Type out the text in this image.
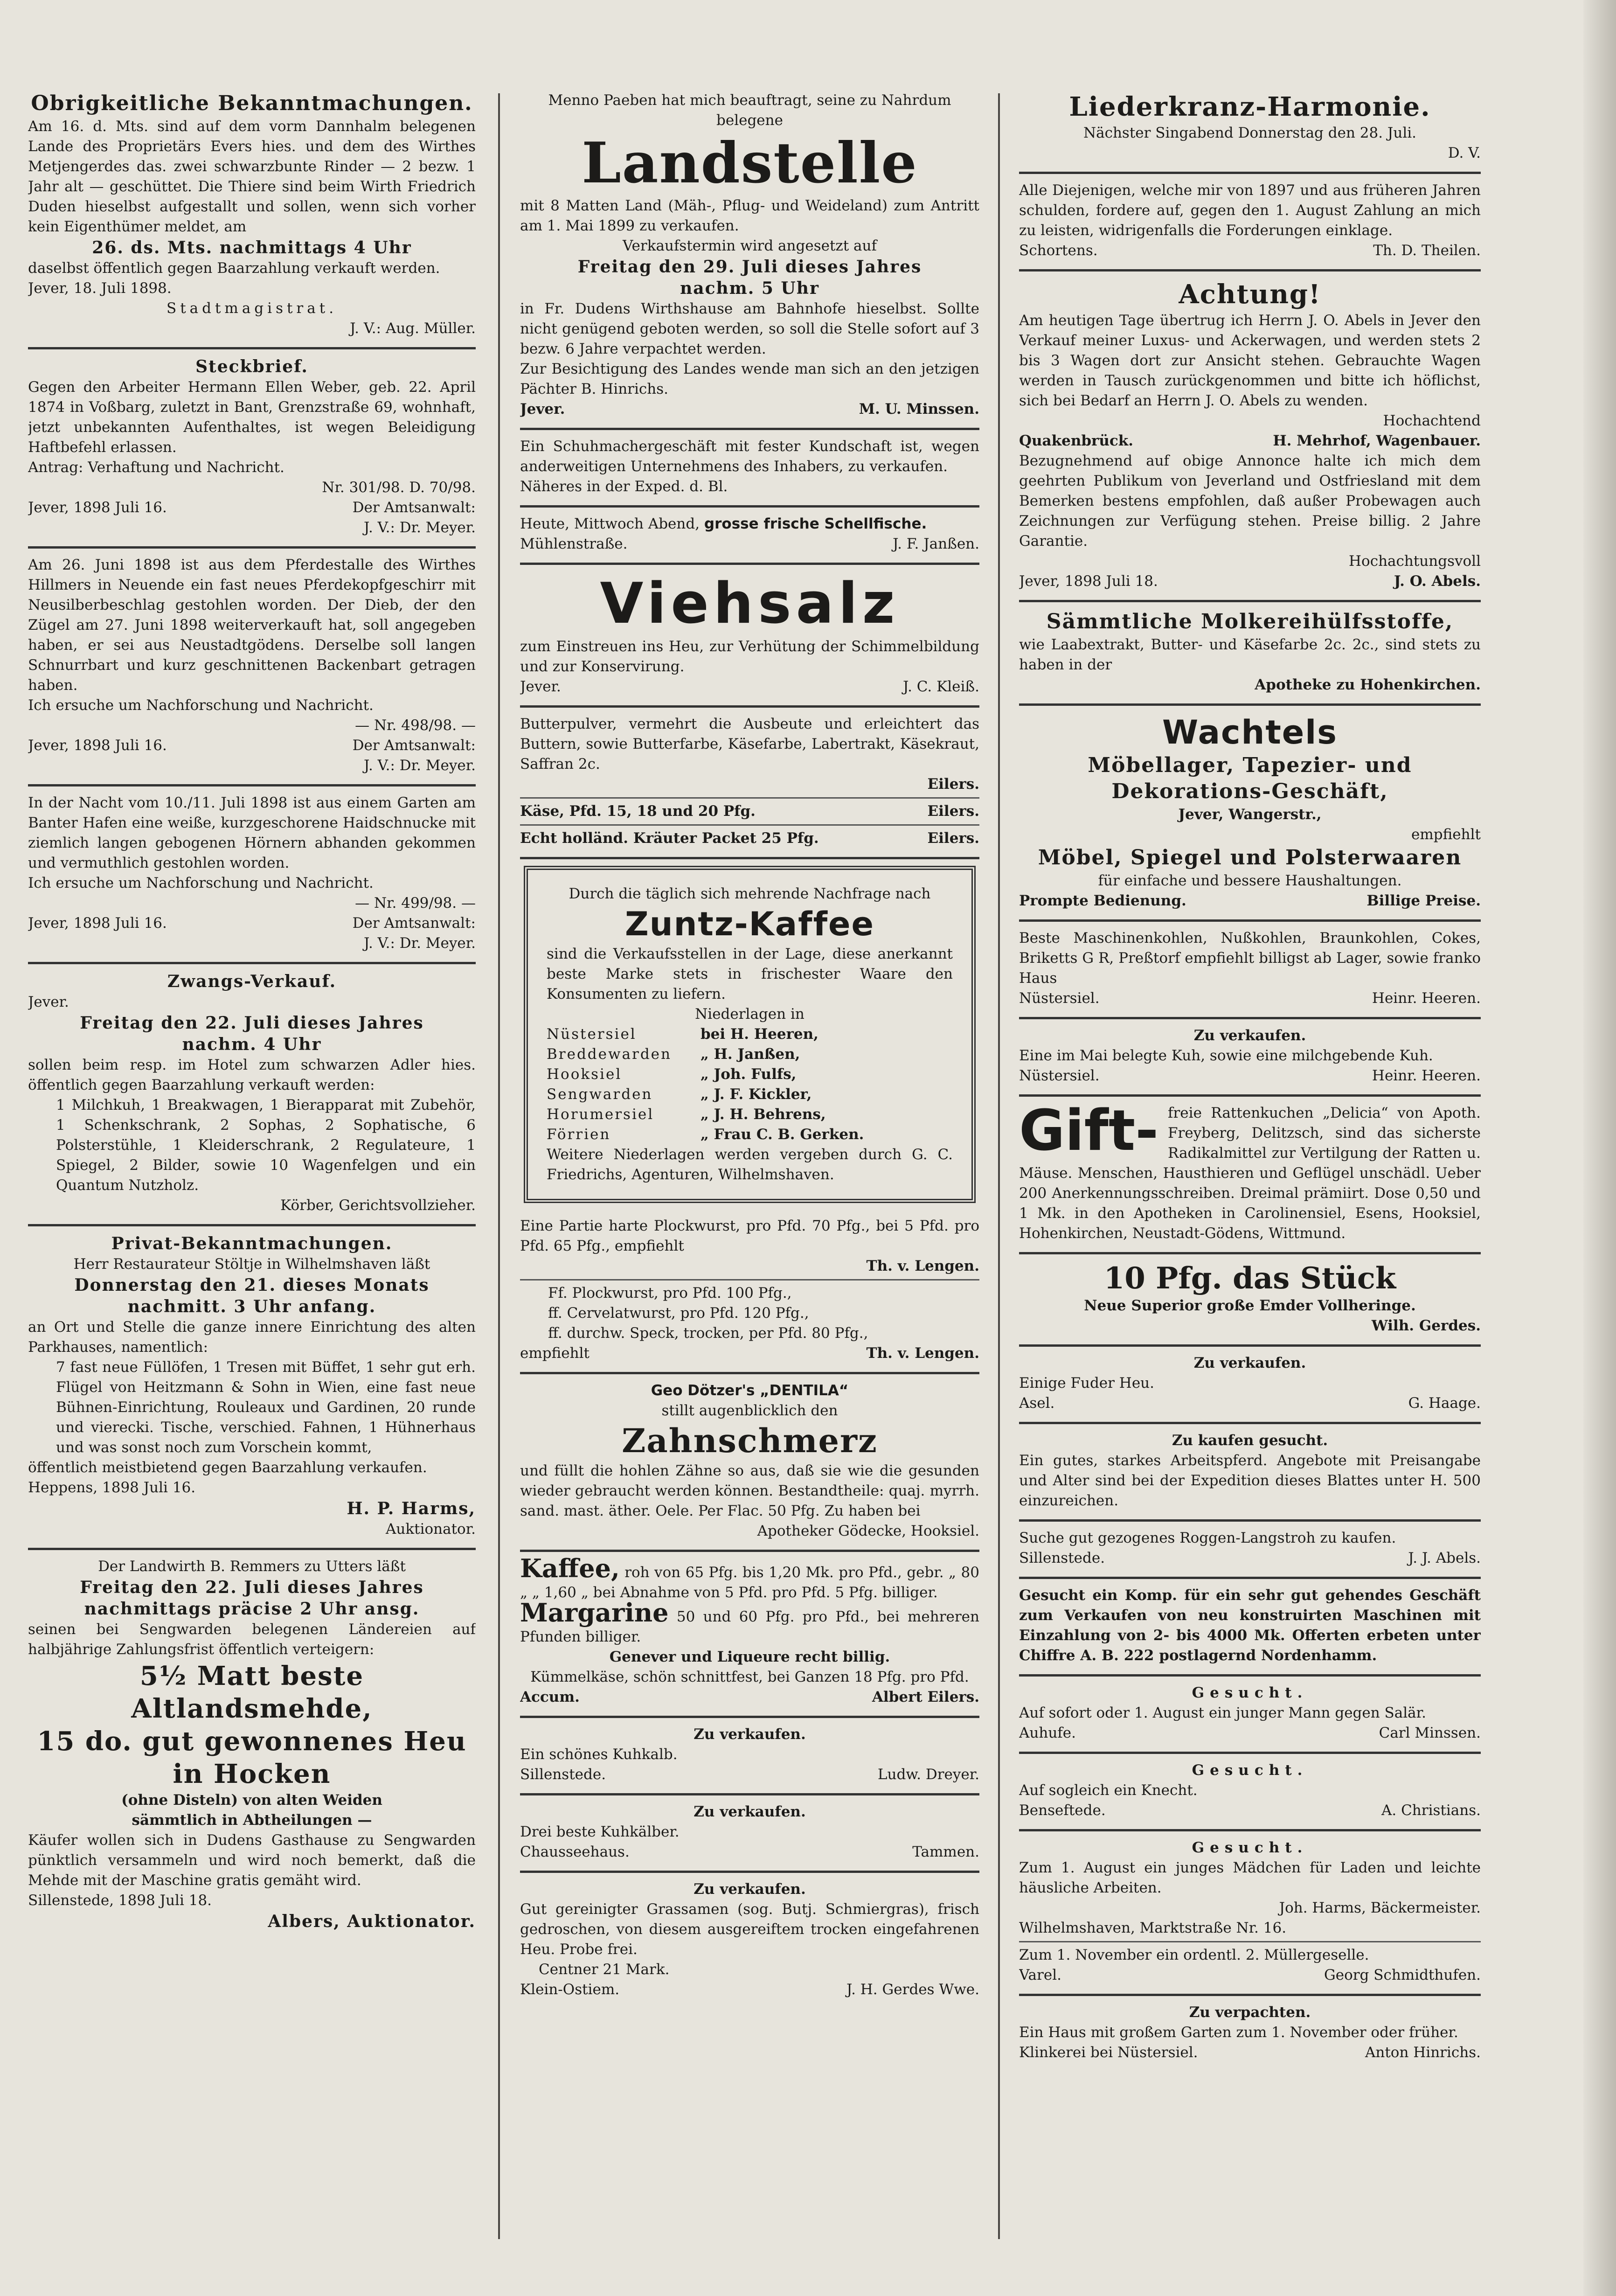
Obrigkeitliche Bekanntmachungen.

Am 16. d. Mts. sind auf dem vorm Dannhalm belegenen Lande des Proprietärs Evers hies. und dem des Wirthes Metjengerdes das. zwei schwarzbunte Rinder — 2 bezw. 1 Jahr alt — geschüttet. Die Thiere sind beim Wirth Friedrich Duden hieselbst aufgestallt und sollen, wenn sich vorher kein Eigenthümer meldet, am

26. ds. Mts. nachmittags 4 Uhr

daselbst öffentlich gegen Baarzahlung verkauft werden.

Jever, 18. Juli 1898.

Stadtmagistrat.

J. V.: Aug. Müller.

Steckbrief.

Gegen den Arbeiter Hermann Ellen Weber, geb. 22. April 1874 in Voßbarg, zuletzt in Bant, Grenzstraße 69, wohnhaft, jetzt unbekannten Aufenthaltes, ist wegen Beleidigung Haftbefehl erlassen.

Antrag: Verhaftung und Nachricht.

Nr. 301/98. D. 70/98.

Jever, 1898 Juli 16.	Der Amtsanwalt:

J. V.: Dr. Meyer.

Am 26. Juni 1898 ist aus dem Pferdestalle des Wirthes Hillmers in Neuende ein fast neues Pferdekopfgeschirr mit Neusilberbeschlag gestohlen worden. Der Dieb, der den Zügel am 27. Juni 1898 weiterverkauft hat, soll angegeben haben, er sei aus Neustadtgödens. Derselbe soll langen Schnurrbart und kurz geschnittenen Backenbart getragen haben.

Ich ersuche um Nachforschung und Nachricht.

— Nr. 498/98. —

Jever, 1898 Juli 16.	Der Amtsanwalt:

J. V.: Dr. Meyer.

In der Nacht vom 10./11. Juli 1898 ist aus einem Garten am Banter Hafen eine weiße, kurzgeschorene Haidschnucke mit ziemlich langen gebogenen Hörnern abhanden gekommen und vermuthlich gestohlen worden.

Ich ersuche um Nachforschung und Nachricht.

— Nr. 499/98. —

Jever, 1898 Juli 16.	Der Amtsanwalt:

J. V.: Dr. Meyer.

Zwangs-Verkauf.

Jever.

Freitag den 22. Juli dieses Jahres
nachm. 4 Uhr

sollen beim resp. im Hotel zum schwarzen Adler hies. öffentlich gegen Baarzahlung verkauft werden:

1 Milchkuh, 1 Breakwagen, 1 Bierapparat mit Zubehör, 1 Schenkschrank, 2 Sophas, 2 Sophatische, 6 Polsterstühle, 1 Kleiderschrank, 2 Regulateure, 1 Spiegel, 2 Bilder, sowie 10 Wagenfelgen und ein Quantum Nutzholz.

Körber, Gerichtsvollzieher.

Privat-Bekanntmachungen.

Herr Restaurateur Stöltje in Wilhelmshaven läßt

Donnerstag den 21. dieses Monats
nachmitt. 3 Uhr anfang.

an Ort und Stelle die ganze innere Einrichtung des alten Parkhauses, namentlich:

7 fast neue Füllöfen, 1 Tresen mit Büffet, 1 sehr gut erh. Flügel von Heitzmann & Sohn in Wien, eine fast neue Bühnen-Einrichtung, Rouleaux und Gardinen, 20 runde und vierecki. Tische, verschied. Fahnen, 1 Hühnerhaus und was sonst noch zum Vorschein kommt,

öffentlich meistbietend gegen Baarzahlung verkaufen.

Heppens, 1898 Juli 16.

H. P. Harms,

Auktionator.

Der Landwirth B. Remmers zu Utters läßt

Freitag den 22. Juli dieses Jahres
nachmittags präcise 2 Uhr ansg.

seinen bei Sengwarden belegenen Ländereien auf halbjährige Zahlungsfrist öffentlich verteigern:

5½ Matt beste Altlandsmehde,
15 do. gut gewonnenes Heu in Hocken

(ohne Disteln) von alten Weiden

sämmtlich in Abtheilungen —

Käufer wollen sich in Dudens Gasthause zu Sengwarden pünktlich versammeln und wird noch bemerkt, daß die Mehde mit der Maschine gratis gemäht wird.

Sillenstede, 1898 Juli 18.

Albers, Auktionator.

Menno Paeben hat mich beauftragt, seine zu Nahrdum belegene

Landstelle

mit 8 Matten Land (Mäh-, Pflug- und Weideland) zum Antritt am 1. Mai 1899 zu verkaufen.

Verkaufstermin wird angesetzt auf

Freitag den 29. Juli dieses Jahres
nachm. 5 Uhr

in Fr. Dudens Wirthshause am Bahnhofe hieselbst. Sollte nicht genügend geboten werden, so soll die Stelle sofort auf 3 bezw. 6 Jahre verpachtet werden.

Zur Besichtigung des Landes wende man sich an den jetzigen Pächter B. Hinrichs.

Jever.	M. U. Minssen.

Ein Schuhmachergeschäft mit fester Kundschaft ist, wegen anderweitigen Unternehmens des Inhabers, zu verkaufen.

Näheres in der Exped. d. Bl.

Heute, Mittwoch Abend, grosse frische Schellfische.

Mühlenstraße.	J. F. Janßen.
Viehsalz

zum Einstreuen ins Heu, zur Verhütung der Schimmelbildung und zur Konservirung.

Jever.	J. C. Kleiß.

Butterpulver, vermehrt die Ausbeute und erleichtert das Buttern, sowie Butterfarbe, Käsefarbe, Labertrakt, Käsekraut, Saffran 2c.

Eilers.

Käse, Pfd. 15, 18 und 20 Pfg.	Eilers.
Echt holländ. Kräuter Packet 25 Pfg.	Eilers.

Durch die täglich sich mehrende Nachfrage nach

Zuntz-Kaffee

sind die Verkaufsstellen in der Lage, diese anerkannt beste Marke stets in frischester Waare den Konsumenten zu liefern.

Niederlagen in

Nüstersiel	bei H. Heeren,
Breddewarden	„ H. Janßen,
Hooksiel	„ Joh. Fulfs,
Sengwarden	„ J. F. Kickler,
Horumersiel	„ J. H. Behrens,
Förrien	„ Frau C. B. Gerken.

Weitere Niederlagen werden vergeben durch G. C. Friedrichs, Agenturen, Wilhelmshaven.

Eine Partie harte Plockwurst, pro Pfd. 70 Pfg., bei 5 Pfd. pro Pfd. 65 Pfg., empfiehlt

Th. v. Lengen.

Ff. Plockwurst, pro Pfd. 100 Pfg.,

ff. Cervelatwurst, pro Pfd. 120 Pfg.,

ff. durchw. Speck, trocken, per Pfd. 80 Pfg.,

empfiehlt	Th. v. Lengen.

Geo Dötzer's „DENTILA“

stillt augenblicklich den

Zahnschmerz

und füllt die hohlen Zähne so aus, daß sie wie die gesunden wieder gebraucht werden können. Bestandtheile: quaj. myrrh. sand. mast. äther. Oele. Per Flac. 50 Pfg. Zu haben bei

Apotheker Gödecke, Hooksiel.

Kaffee, roh von 65 Pfg. bis 1,20 Mk. pro Pfd., gebr. „ 80 „ „ 1,60 „ bei Abnahme von 5 Pfd. pro Pfd. 5 Pfg. billiger.

Margarine 50 und 60 Pfg. pro Pfd., bei mehreren Pfunden billiger.

Genever und Liqueure recht billig.

Kümmelkäse, schön schnittfest, bei Ganzen 18 Pfg. pro Pfd.

Accum.	Albert Eilers.
Zu verkaufen.

Ein schönes Kuhkalb.

Sillenstede.	Ludw. Dreyer.
Zu verkaufen.

Drei beste Kuhkälber.

Chausseehaus.	Tammen.
Zu verkaufen.

Gut gereinigter Grassamen (sog. Butj. Schmiergras), frisch gedroschen, von diesem ausgereiftem trocken eingefahrenen Heu. Probe frei.

Centner 21 Mark.

Klein-Ostiem.	J. H. Gerdes Wwe.
Liederkranz-Harmonie.

Nächster Singabend Donnerstag den 28. Juli.

D. V.

Alle Diejenigen, welche mir von 1897 und aus früheren Jahren schulden, fordere auf, gegen den 1. August Zahlung an mich zu leisten, widrigenfalls die Forderungen einklage.

Schortens.	Th. D. Theilen.
Achtung!

Am heutigen Tage übertrug ich Herrn J. O. Abels in Jever den Verkauf meiner Luxus- und Ackerwagen, und werden stets 2 bis 3 Wagen dort zur Ansicht stehen. Gebrauchte Wagen werden in Tausch zurückgenommen und bitte ich höflichst, sich bei Bedarf an Herrn J. O. Abels zu wenden.

Hochachtend

Quakenbrück.	H. Mehrhof, Wagenbauer.

Bezugnehmend auf obige Annonce halte ich mich dem geehrten Publikum von Jeverland und Ostfriesland mit dem Bemerken bestens empfohlen, daß außer Probewagen auch Zeichnungen zur Verfügung stehen. Preise billig. 2 Jahre Garantie.

Hochachtungsvoll

Jever, 1898 Juli 18.	J. O. Abels.
Sämmtliche Molkereihülfsstoffe,

wie Laabextrakt, Butter- und Käsefarbe 2c. 2c., sind stets zu haben in der

Apotheke zu Hohenkirchen.

Wachtels
Möbellager, Tapezier- und Dekorations-Geschäft,

Jever, Wangerstr.,

empfiehlt

Möbel, Spiegel und Polsterwaaren

für einfache und bessere Haushaltungen.

Prompte Bedienung.	Billige Preise.

Beste Maschinenkohlen, Nußkohlen, Braunkohlen, Cokes, Briketts G R, Preßtorf empfiehlt billigst ab Lager, sowie franko Haus

Nüstersiel.	Heinr. Heeren.
Zu verkaufen.

Eine im Mai belegte Kuh, sowie eine milchgebende Kuh.

Nüstersiel.	Heinr. Heeren.
Gift- freie Rattenkuchen „Delicia“ von Apoth. Freyberg, Delitzsch, sind das sicherste Radikalmittel zur Vertilgung der Ratten u. Mäuse. Menschen, Hausthieren und Geflügel unschädl. Ueber 200 Anerkennungsschreiben. Dreimal prämiirt. Dose 0,50 und 1 Mk. in den Apotheken in Carolinensiel, Esens, Hooksiel, Hohenkirchen, Neustadt-Gödens, Wittmund.

10 Pfg. das Stück

Neue Superior große Emder Vollheringe.

Wilh. Gerdes.

Zu verkaufen.

Einige Fuder Heu.

Asel.	G. Haage.
Zu kaufen gesucht.

Ein gutes, starkes Arbeitspferd. Angebote mit Preisangabe und Alter sind bei der Expedition dieses Blattes unter H. 500 einzureichen.

Suche gut gezogenes Roggen-Langstroh zu kaufen.

Sillenstede.	J. J. Abels.

Gesucht ein Komp. für ein sehr gut gehendes Geschäft zum Verkaufen von neu konstruirten Maschinen mit Einzahlung von 2- bis 4000 Mk. Offerten erbeten unter Chiffre A. B. 222 postlagernd Nordenhamm.

Gesucht.

Auf sofort oder 1. August ein junger Mann gegen Salär.

Auhufe.	Carl Minssen.
Gesucht.

Auf sogleich ein Knecht.

Benseftede.	A. Christians.
Gesucht.

Zum 1. August ein junges Mädchen für Laden und leichte häusliche Arbeiten.

Joh. Harms, Bäckermeister.

Wilhelmshaven, Marktstraße Nr. 16.

Zum 1. November ein ordentl. 2. Müllergeselle.

Varel.	Georg Schmidthufen.
Zu verpachten.

Ein Haus mit großem Garten zum 1. November oder früher.

Klinkerei bei Nüstersiel.	Anton Hinrichs.
